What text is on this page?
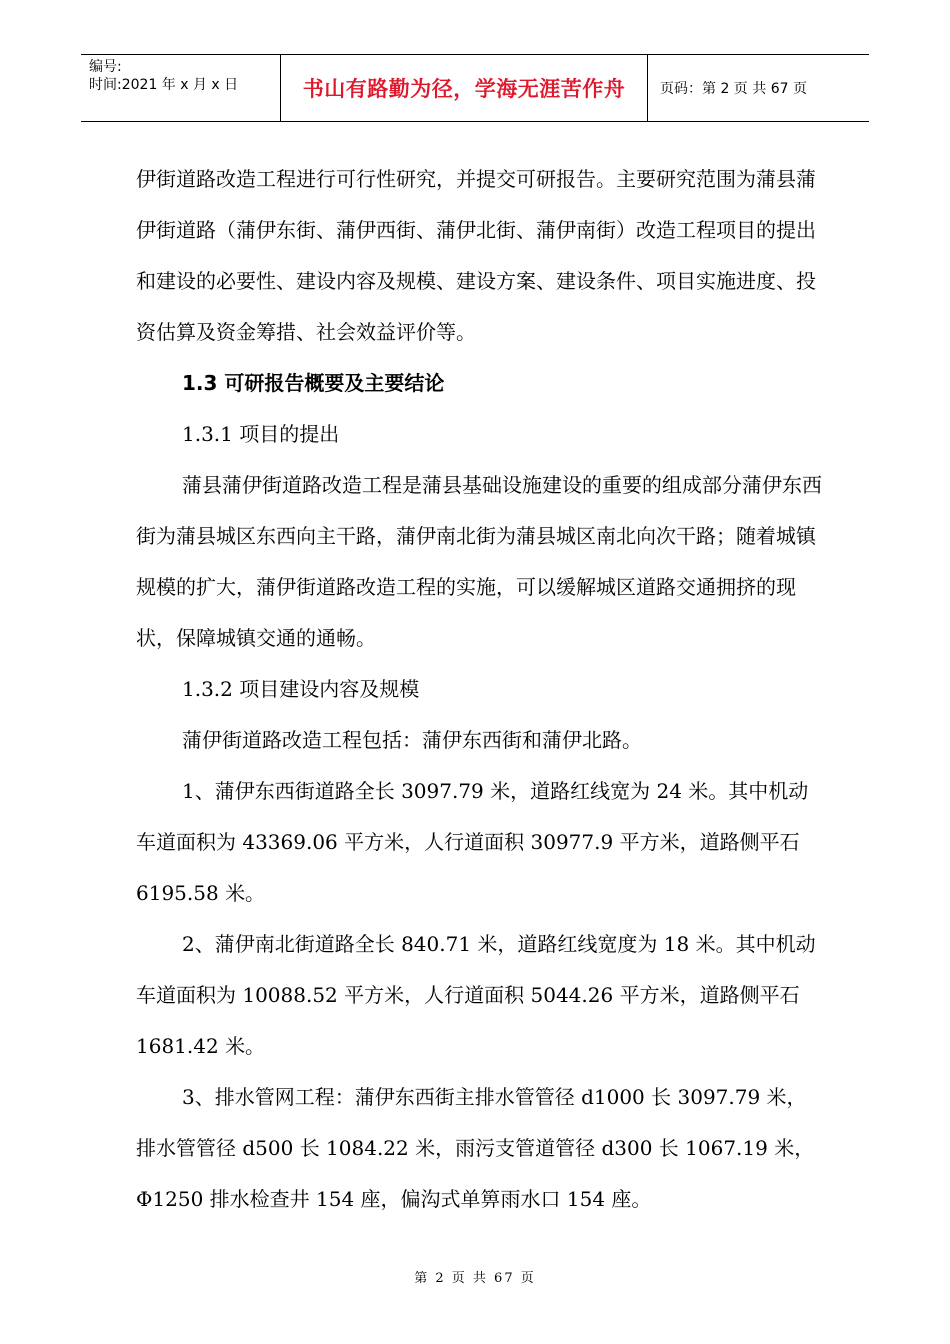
编号:
时间:2021 年 x 月 x 日	书山有路勤为径，学海无涯苦作舟 页码：第 2 页 共 67 页

伊街道路改造工程进行可行性研究，并提交可研报告。主要研究范围为蒲县蒲伊街道路（蒲伊东街、蒲伊西街、蒲伊北街、蒲伊南街）改造工程项目的提出和建设的必要性、建设内容及规模、建设方案、建设条件、项目实施进度、投资估算及资金筹措、社会效益评价等。

1.3 可研报告概要及主要结论

1.3.1 项目的提出

蒲县蒲伊街道路改造工程是蒲县基础设施建设的重要的组成部分蒲伊东西街为蒲县城区东西向主干路，蒲伊南北街为蒲县城区南北向次干路；随着城镇规模的扩大，蒲伊街道路改造工程的实施，可以缓解城区道路交通拥挤的现状，保障城镇交通的通畅。

1.3.2 项目建设内容及规模

蒲伊街道路改造工程包括：蒲伊东西街和蒲伊北路。

1、蒲伊东西街道路全长 3097.79 米，道路红线宽为 24 米。其中机动车道面积为 43369.06 平方米，人行道面积 30977.9 平方米，道路侧平石 6195.58 米。

2、蒲伊南北街道路全长 840.71 米，道路红线宽度为 18 米。其中机动车道面积为 10088.52 平方米，人行道面积 5044.26 平方米，道路侧平石 1681.42 米。

3、排水管网工程：蒲伊东西街主排水管管径 d1000 长 3097.79 米，排水管管径 d500 长 1084.22 米，雨污支管道管径 d300 长 1067.19 米，Φ1250 排水检查井 154 座，偏沟式单箅雨水口 154 座。

第 2 页 共 67 页
